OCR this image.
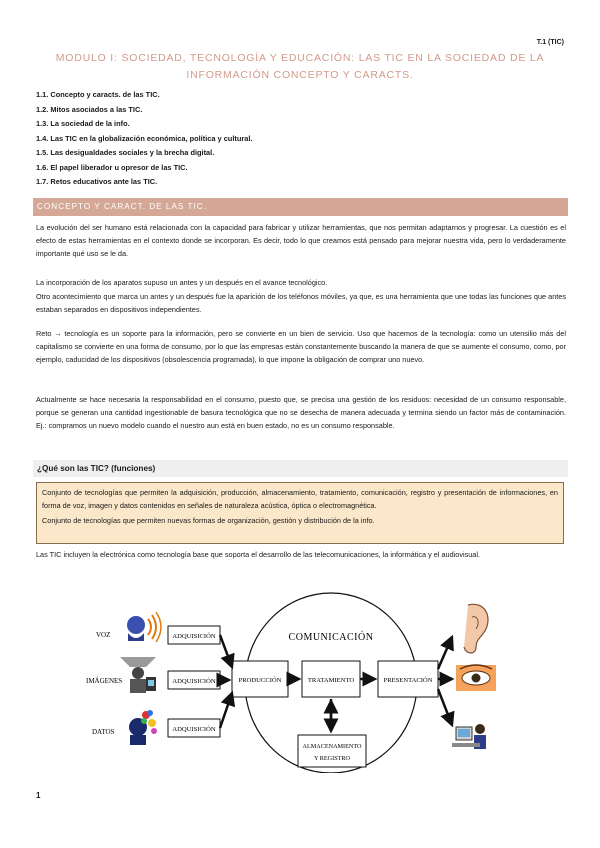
T.1 (TIC)
MODULO I: SOCIEDAD, TECNOLOGÍA Y EDUCACIÓN: LAS TIC EN LA SOCIEDAD DE LA INFORMACIÓN CONCEPTO Y CARACTS.
1.1. Concepto y caracts. de las TIC.
1.2. Mitos asociados a las TIC.
1.3. La sociedad de la info.
1.4. Las TIC en la globalización económica, política y cultural.
1.5. Las desigualdades sociales y la brecha digital.
1.6. El papel liberador u opresor de las TIC.
1.7. Retos educativos ante las TIC.
CONCEPTO Y CARACT. DE LAS TIC.

La evolución del ser humano está relacionada con la capacidad para fabricar y utilizar herramientas, que nos permitan adaptarnos y progresar. La cuestión es el efecto de estas herramientas en el contexto donde se incorporan. Es decir, todo lo que creamos está pensado para mejorar nuestra vida, pero lo verdaderamente importante qué uso se le da.

La incorporación de los aparatos supuso un antes y un después en el avance tecnológico.

Otro acontecimiento que marca un antes y un después fue la aparición de los teléfonos móviles, ya que, es una herramienta que une todas las funciones que antes estaban separados en dispositivos independientes.

Reto → tecnología es un soporte para la información, pero se convierte en un bien de servicio. Uso que hacemos de la tecnología: como un utensilio más del capitalismo se convierte en una forma de consumo, por lo que las empresas están constantemente buscando la manera de que se aumente el consumo, como, por ejemplo, caducidad de los dispositivos (obsolescencia programada), lo que impone la obligación de comprar uno nuevo.

Actualmente se hace necesaria la responsabilidad en el consumo, puesto que, se precisa una gestión de los residuos: necesidad de un consumo responsable, porque se generan una cantidad ingestionable de basura tecnológica que no se desecha de manera adecuada y termina siendo un factor más de contaminación. Ej.: compramos un nuevo modelo cuando el nuestro aun está en buen estado, no es un consumo responsable.

¿Qué son las TIC? (funciones)

Conjunto de tecnologías que permiten la adquisición, producción, almacenamiento, tratamiento, comunicación, registro y presentación de informaciones, en forma de voz, imagen y datos contenidos en señales de naturaleza acústica, óptica o electromagnética.

Conjunto de tecnologías que permiten nuevas formas de organización, gestión y distribución de la info.

Las TIC incluyen la electrónica como tecnología base que soporta el desarrollo de las telecomunicaciones, la informática y el audiovisual.

COMUNICACIÓN
VOZ
IMÁGENES
DATOS
ADQUISICIÓN
ADQUISICIÓN
ADQUISICIÓN
PRODUCCIÓN	TRATAMIENTO	PRESENTACIÓN
ALMACENAMIENTO
Y REGISTRO
1
